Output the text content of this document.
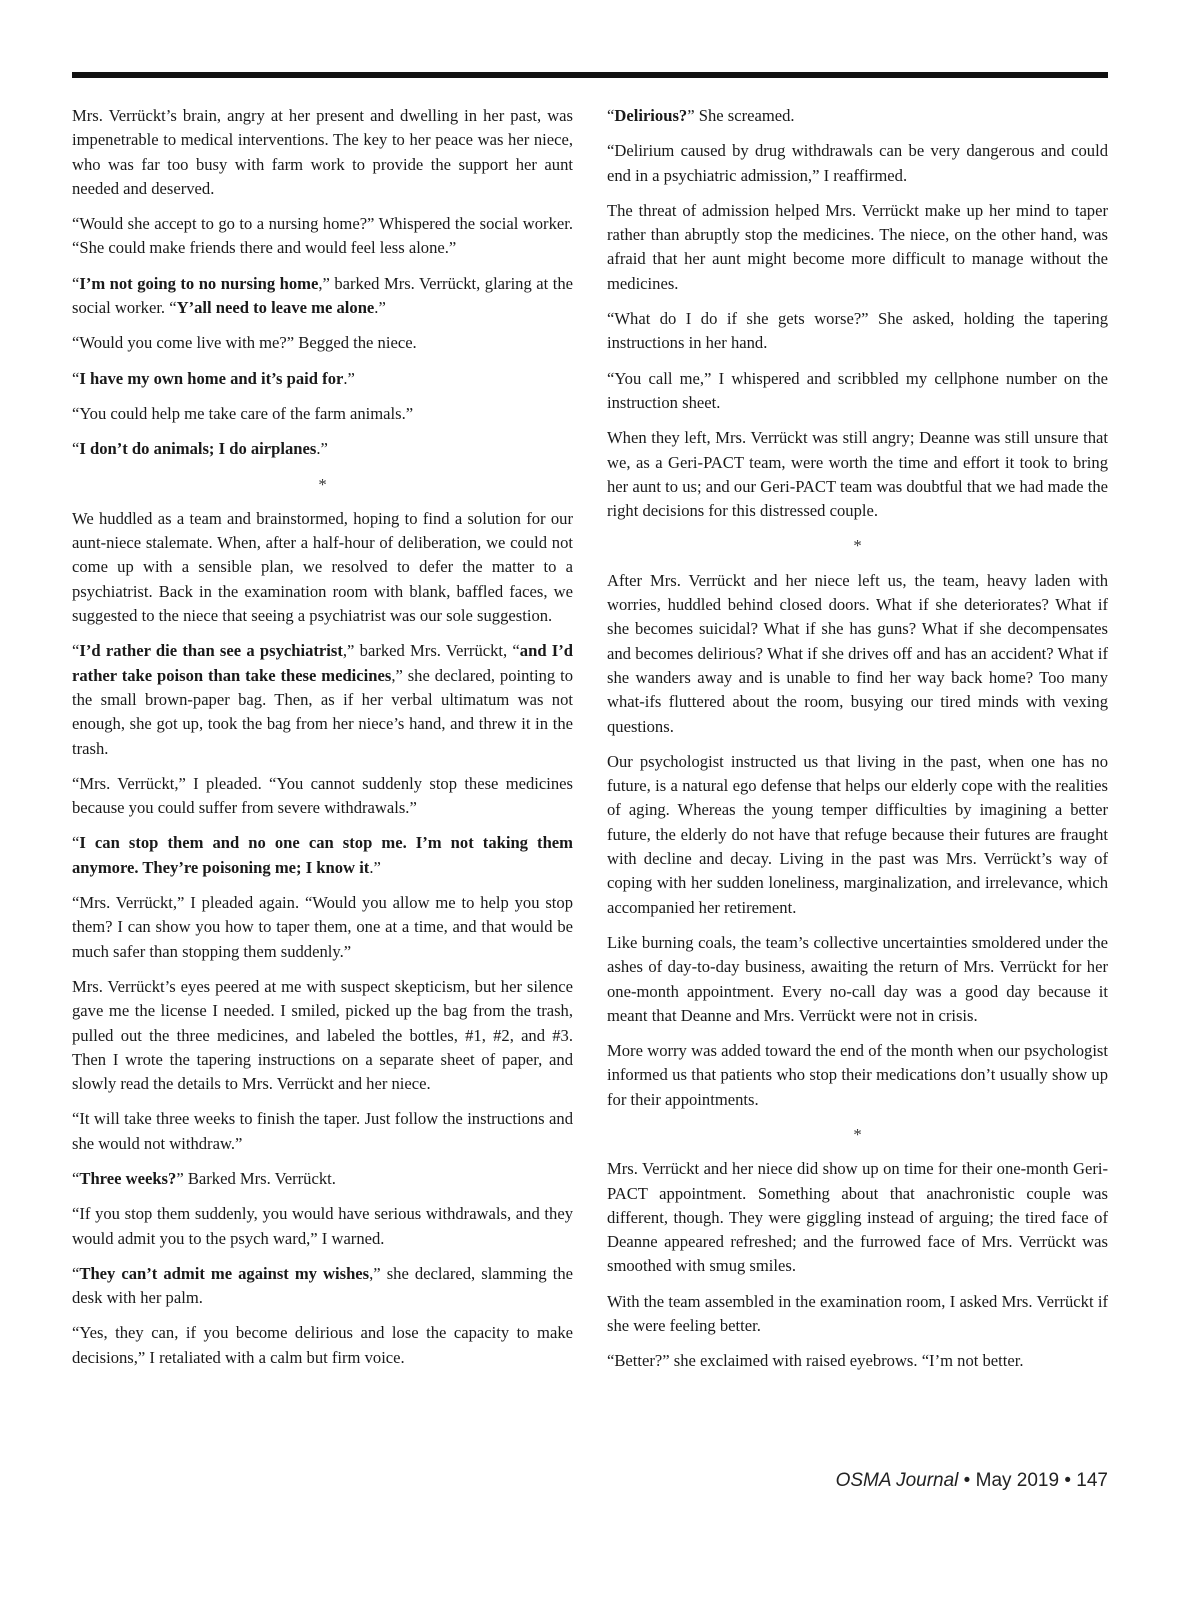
Mrs. Verrückt’s brain, angry at her present and dwelling in her past, was impenetrable to medical interventions. The key to her peace was her niece, who was far too busy with farm work to provide the support her aunt needed and deserved.

“Would she accept to go to a nursing home?” Whispered the social worker. “She could make friends there and would feel less alone.”

“I’m not going to no nursing home,” barked Mrs. Verrückt, glaring at the social worker. “Y’all need to leave me alone.”

“Would you come live with me?” Begged the niece.

“I have my own home and it’s paid for.”

“You could help me take care of the farm animals.”

“I don’t do animals; I do airplanes.”

*

We huddled as a team and brainstormed, hoping to find a solution for our aunt-niece stalemate. When, after a half-hour of deliberation, we could not come up with a sensible plan, we resolved to defer the matter to a psychiatrist. Back in the examination room with blank, baffled faces, we suggested to the niece that seeing a psychiatrist was our sole suggestion.

“I’d rather die than see a psychiatrist,” barked Mrs. Verrückt, “and I’d rather take poison than take these medicines,” she declared, pointing to the small brown-paper bag. Then, as if her verbal ultimatum was not enough, she got up, took the bag from her niece’s hand, and threw it in the trash.

“Mrs. Verrückt,” I pleaded. “You cannot suddenly stop these medicines because you could suffer from severe withdrawals.”

“I can stop them and no one can stop me. I’m not taking them anymore. They’re poisoning me; I know it.”

“Mrs. Verrückt,” I pleaded again. “Would you allow me to help you stop them? I can show you how to taper them, one at a time, and that would be much safer than stopping them suddenly.”

Mrs. Verrückt’s eyes peered at me with suspect skepticism, but her silence gave me the license I needed. I smiled, picked up the bag from the trash, pulled out the three medicines, and labeled the bottles, #1, #2, and #3. Then I wrote the tapering instructions on a separate sheet of paper, and slowly read the details to Mrs. Verrückt and her niece.

“It will take three weeks to finish the taper. Just follow the instructions and she would not withdraw.”

“Three weeks?” Barked Mrs. Verrückt.

“If you stop them suddenly, you would have serious withdrawals, and they would admit you to the psych ward,” I warned.

“They can’t admit me against my wishes,” she declared, slamming the desk with her palm.

“Yes, they can, if you become delirious and lose the capacity to make decisions,” I retaliated with a calm but firm voice.

“Delirious?” She screamed.

“Delirium caused by drug withdrawals can be very dangerous and could end in a psychiatric admission,” I reaffirmed.

The threat of admission helped Mrs. Verrückt make up her mind to taper rather than abruptly stop the medicines. The niece, on the other hand, was afraid that her aunt might become more difficult to manage without the medicines.

“What do I do if she gets worse?” She asked, holding the tapering instructions in her hand.

“You call me,” I whispered and scribbled my cellphone number on the instruction sheet.

When they left, Mrs. Verrückt was still angry; Deanne was still unsure that we, as a Geri-PACT team, were worth the time and effort it took to bring her aunt to us; and our Geri-PACT team was doubtful that we had made the right decisions for this distressed couple.

*

After Mrs. Verrückt and her niece left us, the team, heavy laden with worries, huddled behind closed doors. What if she deteriorates? What if she becomes suicidal? What if she has guns? What if she decompensates and becomes delirious? What if she drives off and has an accident? What if she wanders away and is unable to find her way back home? Too many what-ifs fluttered about the room, busying our tired minds with vexing questions.

Our psychologist instructed us that living in the past, when one has no future, is a natural ego defense that helps our elderly cope with the realities of aging. Whereas the young temper difficulties by imagining a better future, the elderly do not have that refuge because their futures are fraught with decline and decay. Living in the past was Mrs. Verrückt’s way of coping with her sudden loneliness, marginalization, and irrelevance, which accompanied her retirement.

Like burning coals, the team’s collective uncertainties smoldered under the ashes of day-to-day business, awaiting the return of Mrs. Verrückt for her one-month appointment. Every no-call day was a good day because it meant that Deanne and Mrs. Verrückt were not in crisis.

More worry was added toward the end of the month when our psychologist informed us that patients who stop their medications don’t usually show up for their appointments.

*

Mrs. Verrückt and her niece did show up on time for their one-month Geri-PACT appointment. Something about that anachronistic couple was different, though. They were giggling instead of arguing; the tired face of Deanne appeared refreshed; and the furrowed face of Mrs. Verrückt was smoothed with smug smiles.

With the team assembled in the examination room, I asked Mrs. Verrückt if she were feeling better.

“Better?” she exclaimed with raised eyebrows. “I’m not better.

OSMA Journal • May 2019 • 147
